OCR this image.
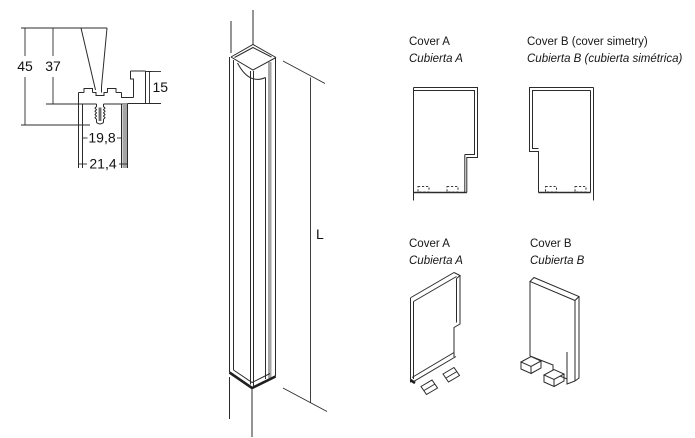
45 37
15
19,8
21,4
L
Cover A
Cubierta A
Cover B (cover simetry)
Cubierta B (cubierta simétrica)
Cover A
Cubierta A
Cover B
Cubierta B
